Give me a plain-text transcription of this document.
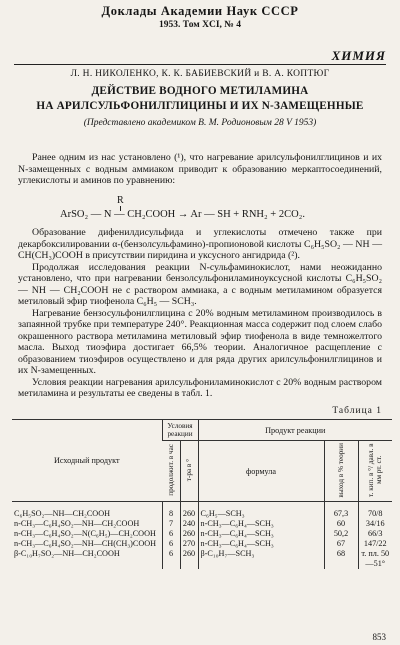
Доклады Академии Наук СССР
1953. Том XCI, № 4
ХИМИЯ
Л. Н. НИКОЛЕНКО, К. К. БАБИЕВСКИЙ и В. А. КОПТЮГ
ДЕЙСТВИЕ ВОДНОГО МЕТИЛАМИНА
НА АРИЛСУЛЬФОНИЛГЛИЦИНЫ И ИХ N-ЗАМЕЩЕННЫЕ
(Представлено академиком В. М. Родионовым 28 V 1953)

Ранее одним из нас установлено (¹), что нагревание арилсульфонилглицинов и их N-замещенных с водным аммиаком приводит к образованию меркаптосоединений, углекислоты и аминов по уравнению:

R
ArSO₂ — N — CH₂COOH → Ar — SH + RNH₂ + 2CO₂.

Образование дифенилдисульфида и углекислоты отмечено также при декарбоксилировании α-(бензолсульфамино)-пропионовой кислоты C₆H₅SO₂ — NH — CH(CH₃)COOH в присутствии пиридина и уксусного ангидрида (²).

Продолжая исследования реакции N-сульфаминокислот, нами неожиданно установлено, что при нагревании бензолсульфониламиноуксусной кислоты C₆H₅SO₂ — NH — CH₂COOH не с раствором аммиака, а с водным метиламином образуется метиловый эфир тиофенола C₆H₅ — SCH₃.

Нагревание бензосульфонилглицина с 20% водным метиламином производилось в запаянной трубке при температуре 240°. Реакционная масса содержит под слоем слабо окрашенного раствора метиламина метиловый эфир тиофенола в виде темножелтого масла. Выход тиоэфира достигает 66,5% теории. Аналогичное расщепление с образованием тиоэфиров осуществлено и для ряда других арилсульфонилглицинов и их N-замещенных.

Условия реакции нагревания арилсульфониламинокислот с 20% водным раствором метиламина и результаты ее сведены в табл. 1.

Таблица 1
Исходный продукт	Условия реакции		Продукт реакции		
	продолжит. в час	т-ра в °	формула	выход в % теории	т. кип. в °/ давл. в мм рт. ст.
C₆H₅SO₂—NH—CH₂COOH	8	260	C₆H₅—SCH₃	67,3	70/8
n-CH₃—C₆H₄SO₂—NH—CH₂COOH	7	240	n-CH₃—C₆H₄—SCH₃	60	34/16
n-CH₃—C₆H₄SO₂—N(C₆H₅)—CH₂COOH	6	260	n-CH₃—C₆H₄—SCH₃	50,2	66/3
n-CH₃—C₆H₄SO₂—NH—CH(CH₃)COOH	6	270	n-CH₃—C₆H₄—SCH₃	67	147/22
β-C₁₀H₇SO₂—NH—CH₂COOH	6	260	β-C₁₀H₇—SCH₃	68	т. пл. 50—51°
853
